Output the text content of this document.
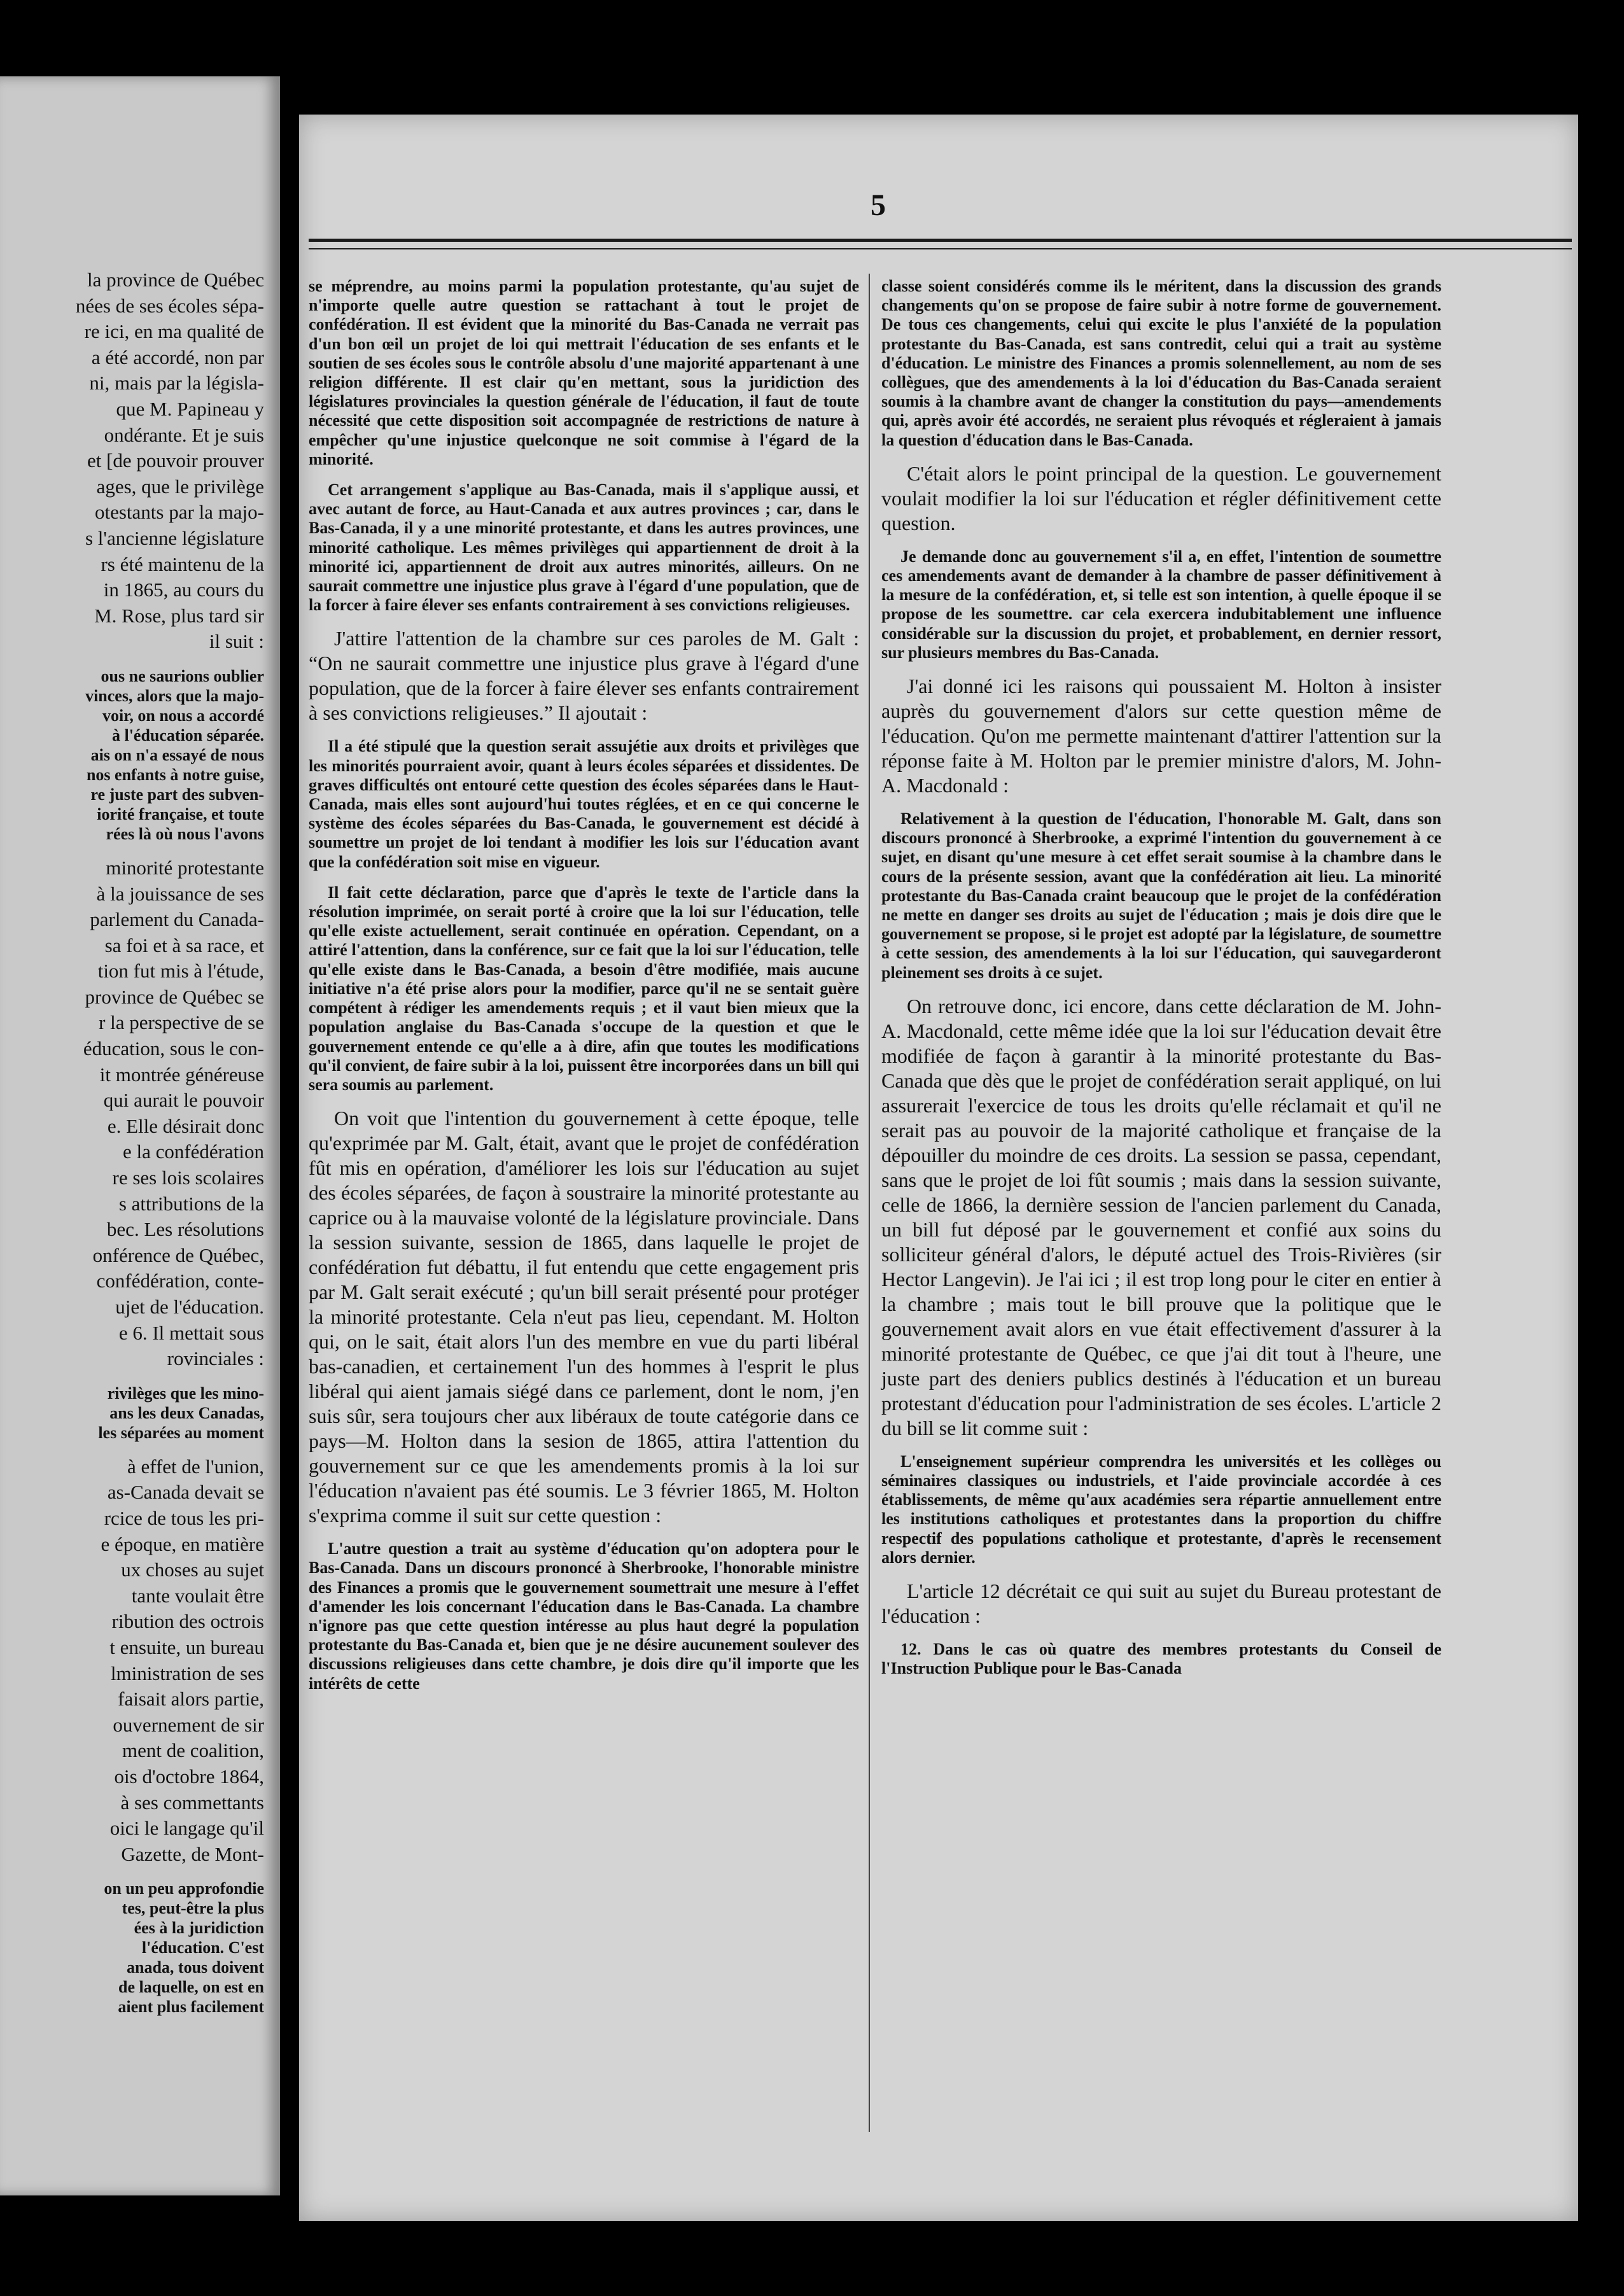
la province de Québec
nées de ses écoles sépa-
re ici, en ma qualité de
a été accordé, non par
ni, mais par la législa-
que M. Papineau y
ondérante. Et je suis
et [de pouvoir prouver
ages, que le privilège
otestants par la majo-
s l'ancienne législature
rs été maintenu de la
in 1865, au cours du
M. Rose, plus tard sir
il suit :

ous ne saurions oublier
vinces, alors que la majo-
voir, on nous a accordé
à l'éducation séparée.
ais on n'a essayé de nous
nos enfants à notre guise,
re juste part des subven-
iorité française, et toute
rées là où nous l'avons

minorité protestante
à la jouissance de ses
parlement du Canada-
sa foi et à sa race, et
tion fut mis à l'étude,
province de Québec se
r la perspective de se
éducation, sous le con-
it montrée généreuse
qui aurait le pouvoir
e. Elle désirait donc
e la confédération
re ses lois scolaires
s attributions de la
bec. Les résolutions
onférence de Québec,
confédération, conte-
ujet de l'éducation.
e 6. Il mettait sous
rovinciales :

rivilèges que les mino-
ans les deux Canadas,
les séparées au moment

à effet de l'union,
as-Canada devait se
rcice de tous les pri-
e époque, en matière
ux choses au sujet
tante voulait être
ribution des octrois
t ensuite, un bureau
lministration de ses
faisait alors partie,
ouvernement de sir
ment de coalition,
ois d'octobre 1864,
à ses commettants
oici le langage qu'il
Gazette, de Mont-

on un peu approfondie
tes, peut-être la plus
ées à la juridiction
l'éducation. C'est
anada, tous doivent
de laquelle, on est en
aient plus facilement

5

se méprendre, au moins parmi la population protestante, qu'au sujet de n'importe quelle autre question se rattachant à tout le projet de confédération. Il est évident que la minorité du Bas-Canada ne verrait pas d'un bon œil un projet de loi qui mettrait l'éducation de ses enfants et le soutien de ses écoles sous le contrôle absolu d'une majorité appartenant à une religion différente. Il est clair qu'en mettant, sous la juridiction des législatures provinciales la question générale de l'éducation, il faut de toute nécessité que cette disposition soit accompagnée de restrictions de nature à empêcher qu'une injustice quelconque ne soit commise à l'égard de la minorité.

Cet arrangement s'applique au Bas-Canada, mais il s'applique aussi, et avec autant de force, au Haut-Canada et aux autres provinces ; car, dans le Bas-Canada, il y a une minorité protestante, et dans les autres provinces, une minorité catholique. Les mêmes privilèges qui appartiennent de droit à la minorité ici, appartiennent de droit aux autres minorités, ailleurs. On ne saurait commettre une injustice plus grave à l'égard d'une population, que de la forcer à faire élever ses enfants contrairement à ses convictions religieuses.

J'attire l'attention de la chambre sur ces paroles de M. Galt : “On ne saurait commettre une injustice plus grave à l'égard d'une population, que de la forcer à faire élever ses enfants contrairement à ses convictions religieuses.” Il ajoutait :

Il a été stipulé que la question serait assujétie aux droits et privilèges que les minorités pourraient avoir, quant à leurs écoles séparées et dissidentes. De graves difficultés ont entouré cette question des écoles séparées dans le Haut-Canada, mais elles sont aujourd'hui toutes réglées, et en ce qui concerne le système des écoles séparées du Bas-Canada, le gouvernement est décidé à soumettre un projet de loi tendant à modifier les lois sur l'éducation avant que la confédération soit mise en vigueur.

Il fait cette déclaration, parce que d'après le texte de l'article dans la résolution imprimée, on serait porté à croire que la loi sur l'éducation, telle qu'elle existe actuellement, serait continuée en opération. Cependant, on a attiré l'attention, dans la conférence, sur ce fait que la loi sur l'éducation, telle qu'elle existe dans le Bas-Canada, a besoin d'être modifiée, mais aucune initiative n'a été prise alors pour la modifier, parce qu'il ne se sentait guère compétent à rédiger les amendements requis ; et il vaut bien mieux que la population anglaise du Bas-Canada s'occupe de la question et que le gouvernement entende ce qu'elle a à dire, afin que toutes les modifications qu'il convient, de faire subir à la loi, puissent être incorporées dans un bill qui sera soumis au parlement.

On voit que l'intention du gouvernement à cette époque, telle qu'exprimée par M. Galt, était, avant que le projet de confédération fût mis en opération, d'améliorer les lois sur l'éducation au sujet des écoles séparées, de façon à soustraire la minorité protestante au caprice ou à la mauvaise volonté de la législature provinciale. Dans la session suivante, session de 1865, dans laquelle le projet de confédération fut débattu, il fut entendu que cette engagement pris par M. Galt serait exécuté ; qu'un bill serait présenté pour protéger la minorité protestante. Cela n'eut pas lieu, cependant. M. Holton qui, on le sait, était alors l'un des membre en vue du parti libéral bas-canadien, et certainement l'un des hommes à l'esprit le plus libéral qui aient jamais siégé dans ce parlement, dont le nom, j'en suis sûr, sera toujours cher aux libéraux de toute catégorie dans ce pays—M. Holton dans la sesion de 1865, attira l'attention du gouvernement sur ce que les amendements promis à la loi sur l'éducation n'avaient pas été soumis. Le 3 février 1865, M. Holton s'exprima comme il suit sur cette question :

L'autre question a trait au système d'éducation qu'on adoptera pour le Bas-Canada. Dans un discours prononcé à Sherbrooke, l'honorable ministre des Finances a promis que le gouvernement soumettrait une mesure à l'effet d'amender les lois concernant l'éducation dans le Bas-Canada. La chambre n'ignore pas que cette question intéresse au plus haut degré la population protestante du Bas-Canada et, bien que je ne désire aucunement soulever des discussions religieuses dans cette chambre, je dois dire qu'il importe que les intérêts de cette

classe soient considérés comme ils le méritent, dans la discussion des grands changements qu'on se propose de faire subir à notre forme de gouvernement. De tous ces changements, celui qui excite le plus l'anxiété de la population protestante du Bas-Canada, est sans contredit, celui qui a trait au système d'éducation. Le ministre des Finances a promis solennellement, au nom de ses collègues, que des amendements à la loi d'éducation du Bas-Canada seraient soumis à la chambre avant de changer la constitution du pays—amendements qui, après avoir été accordés, ne seraient plus révoqués et régleraient à jamais la question d'éducation dans le Bas-Canada.

C'était alors le point principal de la question. Le gouvernement voulait modifier la loi sur l'éducation et régler définitivement cette question.

Je demande donc au gouvernement s'il a, en effet, l'intention de soumettre ces amendements avant de demander à la chambre de passer définitivement à la mesure de la confédération, et, si telle est son intention, à quelle époque il se propose de les soumettre. car cela exercera indubitablement une influence considérable sur la discussion du projet, et probablement, en dernier ressort, sur plusieurs membres du Bas-Canada.

J'ai donné ici les raisons qui poussaient M. Holton à insister auprès du gouvernement d'alors sur cette question même de l'éducation. Qu'on me permette maintenant d'attirer l'attention sur la réponse faite à M. Holton par le premier ministre d'alors, M. John-A. Macdonald :

Relativement à la question de l'éducation, l'honorable M. Galt, dans son discours prononcé à Sherbrooke, a exprimé l'intention du gouvernement à ce sujet, en disant qu'une mesure à cet effet serait soumise à la chambre dans le cours de la présente session, avant que la confédération ait lieu. La minorité protestante du Bas-Canada craint beaucoup que le projet de la confédération ne mette en danger ses droits au sujet de l'éducation ; mais je dois dire que le gouvernement se propose, si le projet est adopté par la législature, de soumettre à cette session, des amendements à la loi sur l'éducation, qui sauvegarderont pleinement ses droits à ce sujet.

On retrouve donc, ici encore, dans cette déclaration de M. John-A. Macdonald, cette même idée que la loi sur l'éducation devait être modifiée de façon à garantir à la minorité protestante du Bas-Canada que dès que le projet de confédération serait appliqué, on lui assurerait l'exercice de tous les droits qu'elle réclamait et qu'il ne serait pas au pouvoir de la majorité catholique et française de la dépouiller du moindre de ces droits. La session se passa, cependant, sans que le projet de loi fût soumis ; mais dans la session suivante, celle de 1866, la dernière session de l'ancien parlement du Canada, un bill fut déposé par le gouvernement et confié aux soins du solliciteur général d'alors, le député actuel des Trois-Rivières (sir Hector Langevin). Je l'ai ici ; il est trop long pour le citer en entier à la chambre ; mais tout le bill prouve que la politique que le gouvernement avait alors en vue était effectivement d'assurer à la minorité protestante de Québec, ce que j'ai dit tout à l'heure, une juste part des deniers publics destinés à l'éducation et un bureau protestant d'éducation pour l'administration de ses écoles. L'article 2 du bill se lit comme suit :

L'enseignement supérieur comprendra les universités et les collèges ou séminaires classiques ou industriels, et l'aide provinciale accordée à ces établissements, de même qu'aux académies sera répartie annuellement entre les institutions catholiques et protestantes dans la proportion du chiffre respectif des populations catholique et protestante, d'après le recensement alors dernier.

L'article 12 décrétait ce qui suit au sujet du Bureau protestant de l'éducation :

12. Dans le cas où quatre des membres protestants du Conseil de l'Instruction Publique pour le Bas-Canada
